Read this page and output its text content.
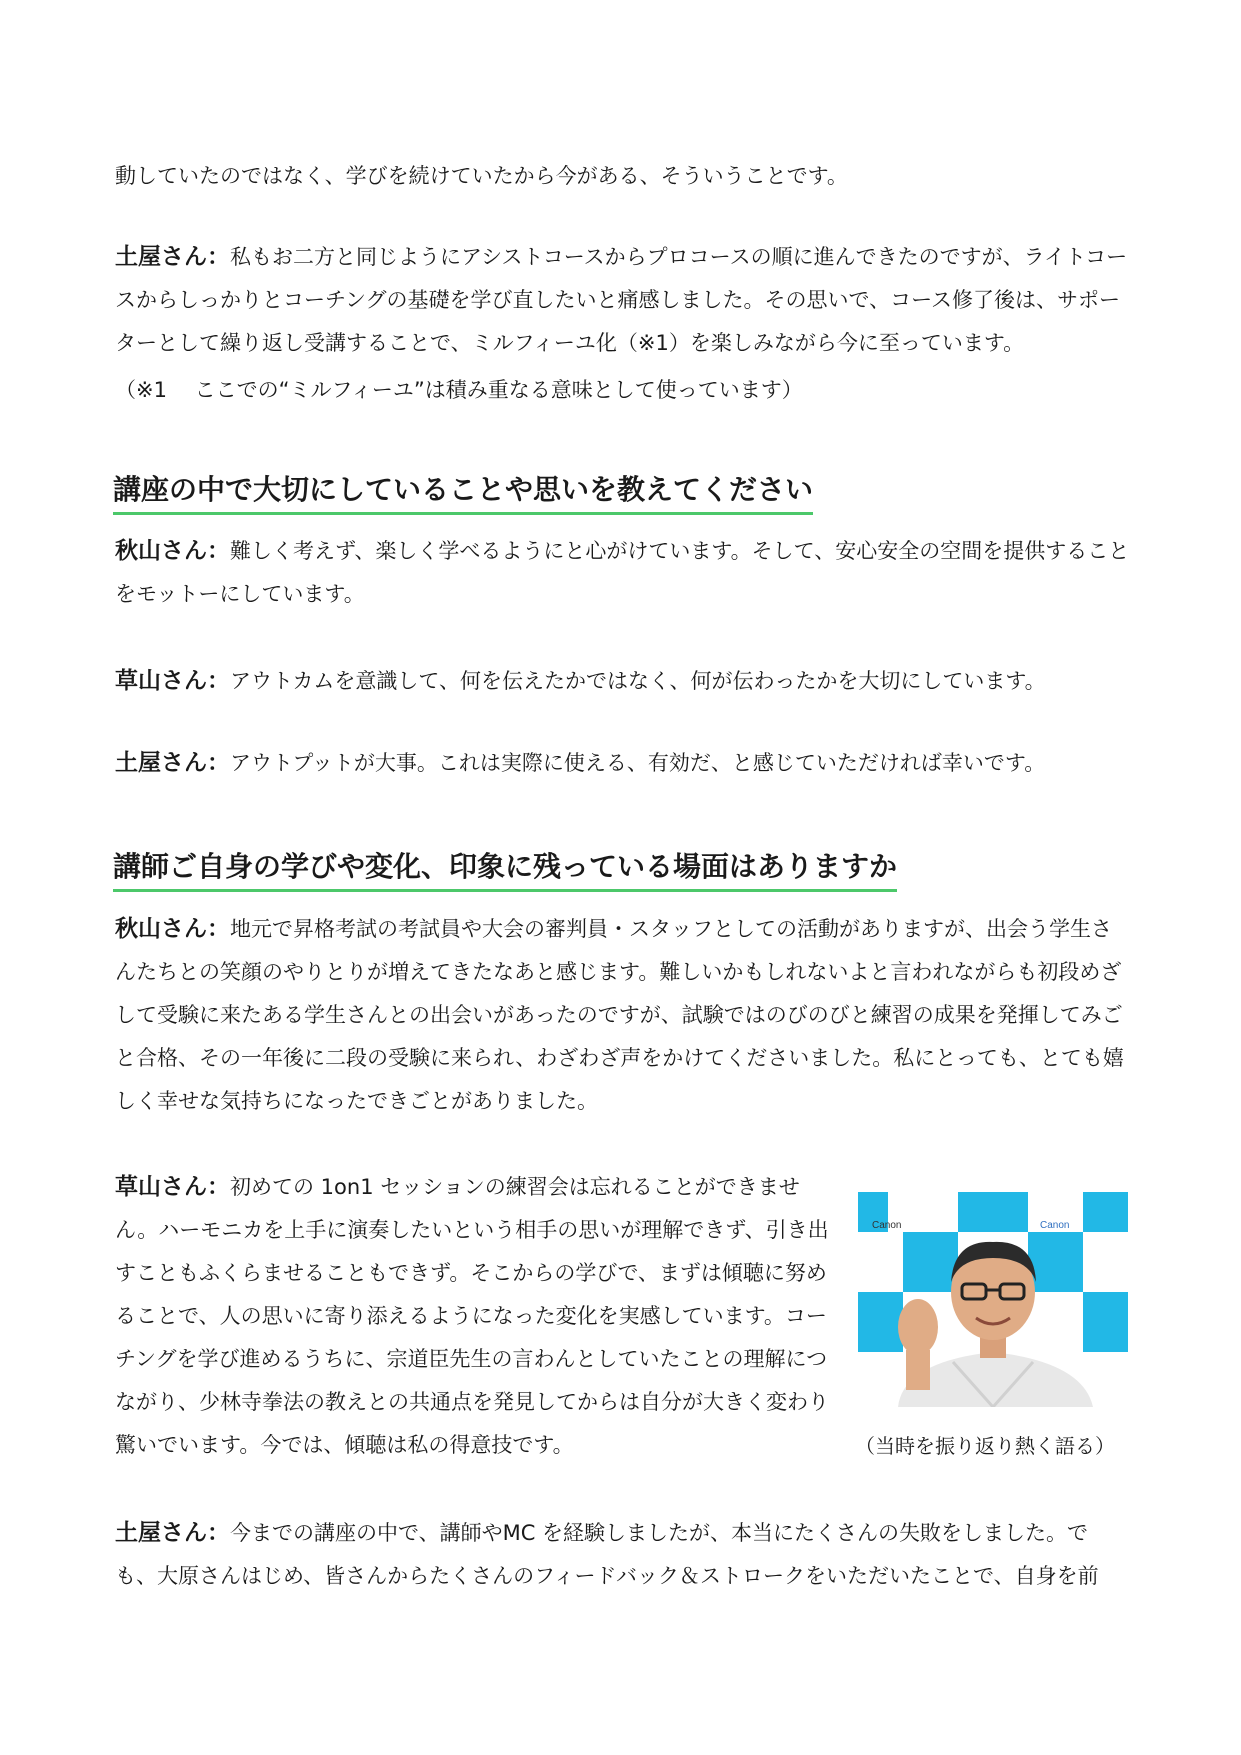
動していたのではなく、学びを続けていたから今がある、そういうことです。

土屋さん：私もお二方と同じようにアシストコースからプロコースの順に進んできたのですが、ライトコースからしっかりとコーチングの基礎を学び直したいと痛感しました。その思いで、コース修了後は、サポーターとして繰り返し受講することで、ミルフィーユ化（※1）を楽しみながら今に至っています。

（※1　 ここでの“ミルフィーユ”は積み重なる意味として使っています）

講座の中で大切にしていることや思いを教えてください

秋山さん：難しく考えず、楽しく学べるようにと心がけています。そして、安心安全の空間を提供することをモットーにしています。

草山さん：アウトカムを意識して、何を伝えたかではなく、何が伝わったかを大切にしています。

土屋さん：アウトプットが大事。これは実際に使える、有効だ、と感じていただければ幸いです。

講師ご自身の学びや変化、印象に残っている場面はありますか

秋山さん：地元で昇格考試の考試員や大会の審判員・スタッフとしての活動がありますが、出会う学生さんたちとの笑顔のやりとりが増えてきたなあと感じます。難しいかもしれないよと言われながらも初段めざして受験に来たある学生さんとの出会いがあったのですが、試験ではのびのびと練習の成果を発揮してみごと合格、その一年後に二段の受験に来られ、わざわざ声をかけてくださいました。私にとっても、とても嬉しく幸せな気持ちになったできごとがありました。

草山さん：初めての 1on1 セッションの練習会は忘れることができません。ハーモニカを上手に演奏したいという相手の思いが理解できず、引き出すこともふくらませることもできず。そこからの学びで、まずは傾聴に努めることで、人の思いに寄り添えるようになった変化を実感しています。コーチングを学び進めるうちに、宗道臣先生の言わんとしていたことの理解につながり、少林寺拳法の教えとの共通点を発見してからは自分が大きく変わり驚いでいます。今では、傾聴は私の得意技です。

Canon	Canon

（当時を振り返り熱く語る）

土屋さん：今までの講座の中で、講師やMC を経験しましたが、本当にたくさんの失敗をしました。でも、大原さんはじめ、皆さんからたくさんのフィードバック＆ストロークをいただいたことで、自身を前
